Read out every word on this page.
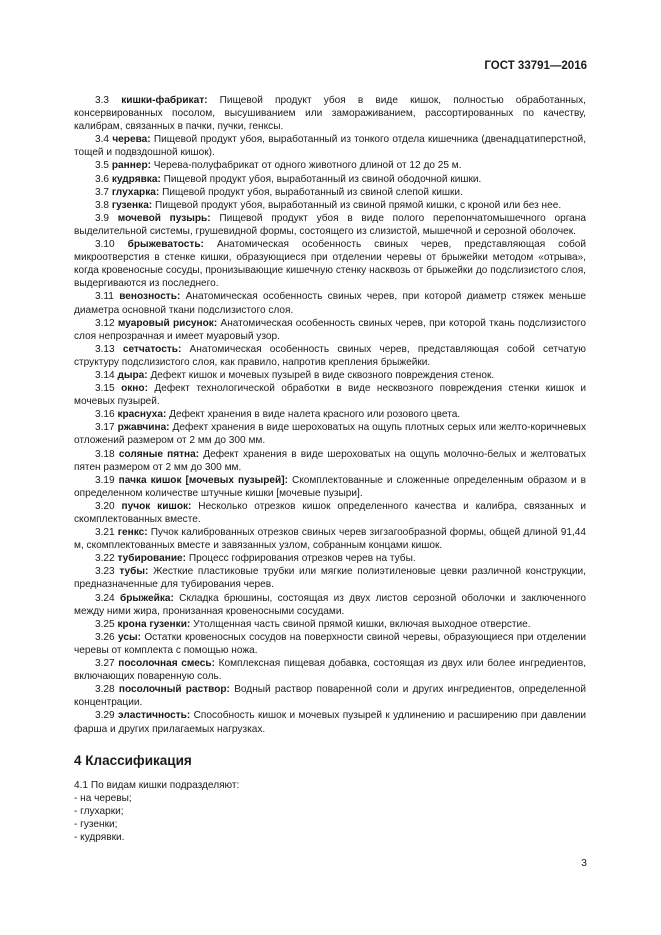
ГОСТ 33791—2016

3.3 кишки-фабрикат: Пищевой продукт убоя в виде кишок, полностью обработанных, консервированных посолом, высушиванием или замораживанием, рассортированных по качеству, калибрам, связанных в пачки, пучки, генксы.

3.4 черева: Пищевой продукт убоя, выработанный из тонкого отдела кишечника (двенадцатиперстной, тощей и подвздошной кишок).

3.5 раннер: Черева-полуфабрикат от одного животного длиной от 12 до 25 м.

3.6 кудрявка: Пищевой продукт убоя, выработанный из свиной ободочной кишки.

3.7 глухарка: Пищевой продукт убоя, выработанный из свиной слепой кишки.

3.8 гузенка: Пищевой продукт убоя, выработанный из свиной прямой кишки, с кроной или без нее.

3.9 мочевой пузырь: Пищевой продукт убоя в виде полого перепончатомышечного органа выделительной системы, грушевидной формы, состоящего из слизистой, мышечной и серозной оболочек.

3.10 брыжеватость: Анатомическая особенность свиных черев, представляющая собой микроотверстия в стенке кишки, образующиеся при отделении черевы от брыжейки методом «отрыва», когда кровеносные сосуды, пронизывающие кишечную стенку насквозь от брыжейки до подслизистого слоя, выдергиваются из последнего.

3.11 венозность: Анатомическая особенность свиных черев, при которой диаметр стяжек меньше диаметра основной ткани подслизистого слоя.

3.12 муаровый рисунок: Анатомическая особенность свиных черев, при которой ткань подслизистого слоя непрозрачная и имеет муаровый узор.

3.13 сетчатость: Анатомическая особенность свиных черев, представляющая собой сетчатую структуру подслизистого слоя, как правило, напротив крепления брыжейки.

3.14 дыра: Дефект кишок и мочевых пузырей в виде сквозного повреждения стенок.

3.15 окно: Дефект технологической обработки в виде несквозного повреждения стенки кишок и мочевых пузырей.

3.16 краснуха: Дефект хранения в виде налета красного или розового цвета.

3.17 ржавчина: Дефект хранения в виде шероховатых на ощупь плотных серых или желто-коричневых отложений размером от 2 мм до 300 мм.

3.18 соляные пятна: Дефект хранения в виде шероховатых на ощупь молочно-белых и желтоватых пятен размером от 2 мм до 300 мм.

3.19 пачка кишок [мочевых пузырей]: Скомплектованные и сложенные определенным образом и в определенном количестве штучные кишки [мочевые пузыри].

3.20 пучок кишок: Несколько отрезков кишок определенного качества и калибра, связанных и скомплектованных вместе.

3.21 генкс: Пучок калиброванных отрезков свиных черев зигзагообразной формы, общей длиной 91,44 м, скомплектованных вместе и завязанных узлом, собранным концами кишок.

3.22 тубирование: Процесс гофрирования отрезков черев на тубы.

3.23 тубы: Жесткие пластиковые трубки или мягкие полиэтиленовые цевки различной конструкции, предназначенные для тубирования черев.

3.24 брыжейка: Складка брюшины, состоящая из двух листов серозной оболочки и заключенного между ними жира, пронизанная кровеносными сосудами.

3.25 крона гузенки: Утолщенная часть свиной прямой кишки, включая выходное отверстие.

3.26 усы: Остатки кровеносных сосудов на поверхности свиной черевы, образующиеся при отделении черевы от комплекта с помощью ножа.

3.27 посолочная смесь: Комплексная пищевая добавка, состоящая из двух или более ингредиентов, включающих поваренную соль.

3.28 посолочный раствор: Водный раствор поваренной соли и других ингредиентов, определенной концентрации.

3.29 эластичность: Способность кишок и мочевых пузырей к удлинению и расширению при давлении фарша и других прилагаемых нагрузках.

4 Классификация

4.1 По видам кишки подразделяют:

- на черевы;
- глухарки;
- гузенки;
- кудрявки.
3
